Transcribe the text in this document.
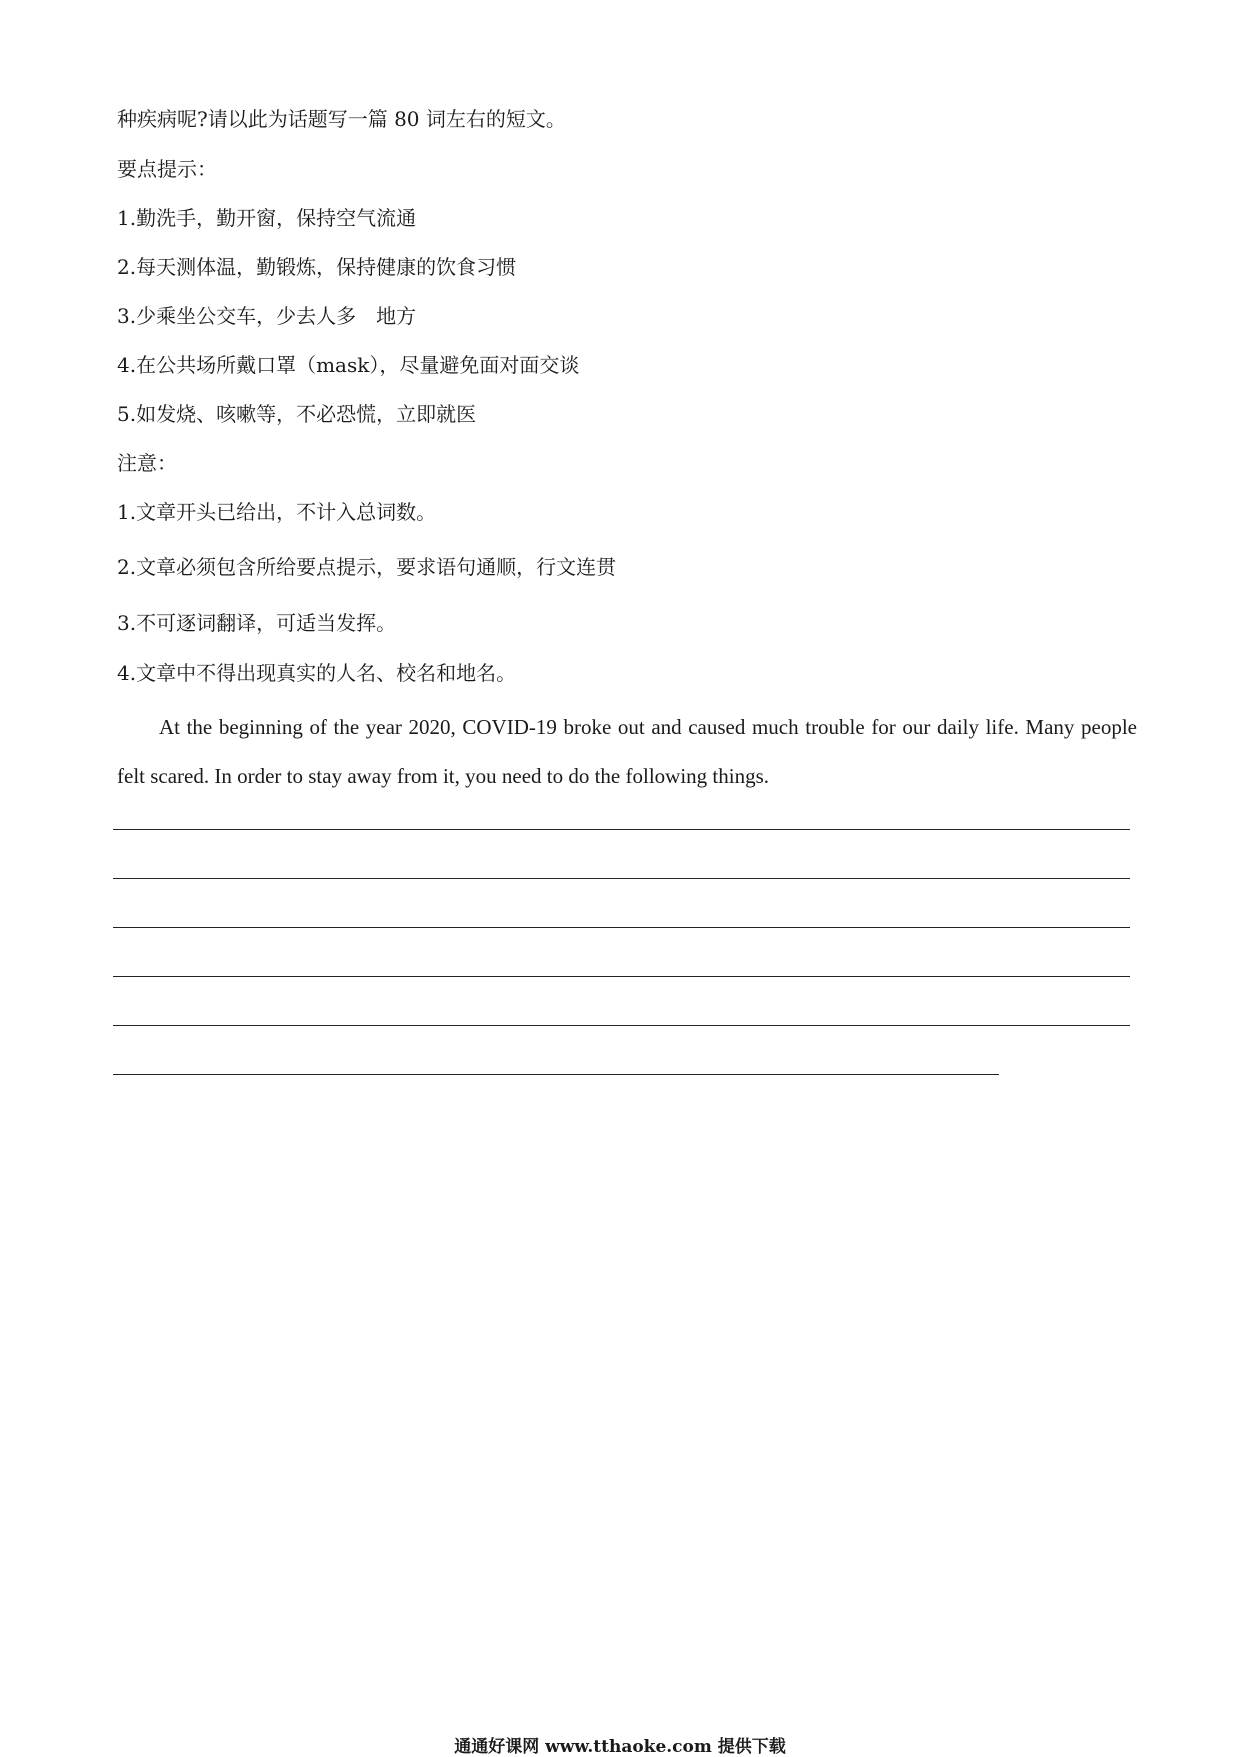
种疾病呢?请以此为话题写一篇 80 词左右的短文。
要点提示：
1.勤洗手，勤开窗，保持空气流通
2.每天测体温，勤锻炼，保持健康的饮食习惯
3.少乘坐公交车，少去人多　地方
4.在公共场所戴口罩（mask），尽量避免面对面交谈
5.如发烧、咳嗽等，不必恐慌，立即就医
注意：
1.文章开头已给出，不计入总词数。
2.文章必须包含所给要点提示，要求语句通顺，行文连贯
3.不可逐词翻译，可适当发挥。
4.文章中不得出现真实的人名、校名和地名。
At the beginning of the year 2020, COVID-19 broke out and caused much trouble for our daily life. Many people felt scared. In order to stay away from it, you need to do the following things.
通通好课网 www.tthaoke.com 提供下载
